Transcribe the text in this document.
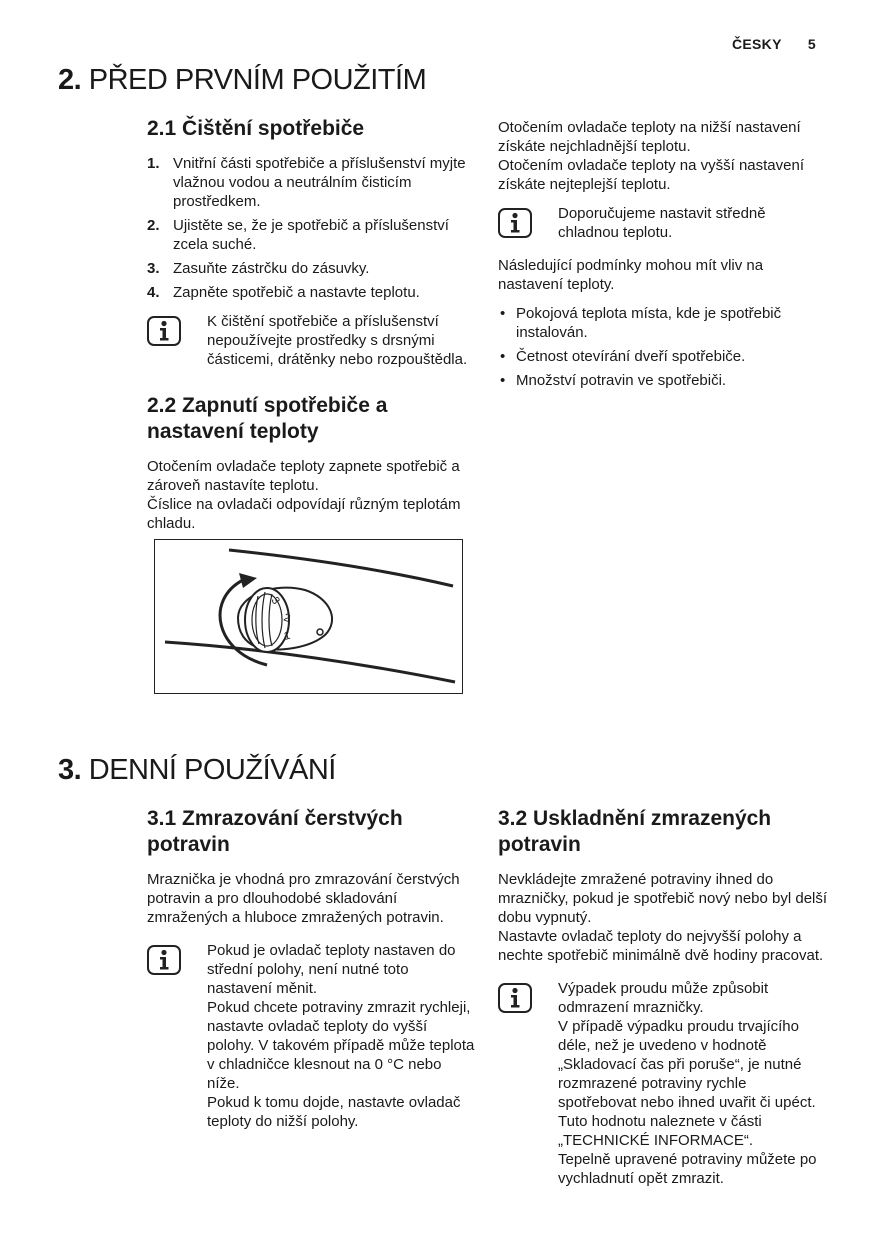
ČESKY 5
2. PŘED PRVNÍM POUŽITÍM
2.1 Čištění spotřebiče
1. Vnitřní části spotřebiče a příslušenství myjte vlažnou vodou a neutrálním čisticím prostředkem.
2. Ujistěte se, že je spotřebič a příslušenství zcela suché.
3. Zasuňte zástrčku do zásuvky.
4. Zapněte spotřebič a nastavte teplotu.

K čištění spotřebiče a příslušenství nepoužívejte prostředky s drsnými částicemi, drátěnky nebo rozpouštědla.

2.2 Zapnutí spotřebiče a nastavení teploty

Otočením ovladače teploty zapnete spotřebič a zároveň nastavíte teplotu.

Číslice na ovladači odpovídají různým teplotám chladu.

1
2
3

Otočením ovladače teploty na nižší nastavení získáte nejchladnější teplotu.

Otočením ovladače teploty na vyšší nastavení získáte nejteplejší teplotu.

Doporučujeme nastavit středně chladnou teplotu.

Následující podmínky mohou mít vliv na nastavení teploty.

• Pokojová teplota místa, kde je spotřebič instalován.
• Četnost otevírání dveří spotřebiče.
• Množství potravin ve spotřebiči.
3. DENNÍ POUŽÍVÁNÍ
3.1 Zmrazování čerstvých potravin

Mraznička je vhodná pro zmrazování čerstvých potravin a pro dlouhodobé skladování zmražených a hluboce zmražených potravin.

Pokud je ovladač teploty nastaven do střední polohy, není nutné toto nastavení měnit.

Pokud chcete potraviny zmrazit rychleji, nastavte ovladač teploty do vyšší polohy. V takovém případě může teplota v chladničce klesnout na 0 °C nebo níže.

Pokud k tomu dojde, nastavte ovladač teploty do nižší polohy.

3.2 Uskladnění zmrazených potravin

Nevkládejte zmražené potraviny ihned do mrazničky, pokud je spotřebič nový nebo byl delší dobu vypnutý.

Nastavte ovladač teploty do nejvyšší polohy a nechte spotřebič minimálně dvě hodiny pracovat.

Výpadek proudu může způsobit odmrazení mrazničky.

V případě výpadku proudu trvajícího déle, než je uvedeno v hodnotě „Skladovací čas při poruše“, je nutné rozmrazené potraviny rychle spotřebovat nebo ihned uvařit či upéct. Tuto hodnotu naleznete v části „TECHNICKÉ INFORMACE“.

Tepelně upravené potraviny můžete po vychladnutí opět zmrazit.
